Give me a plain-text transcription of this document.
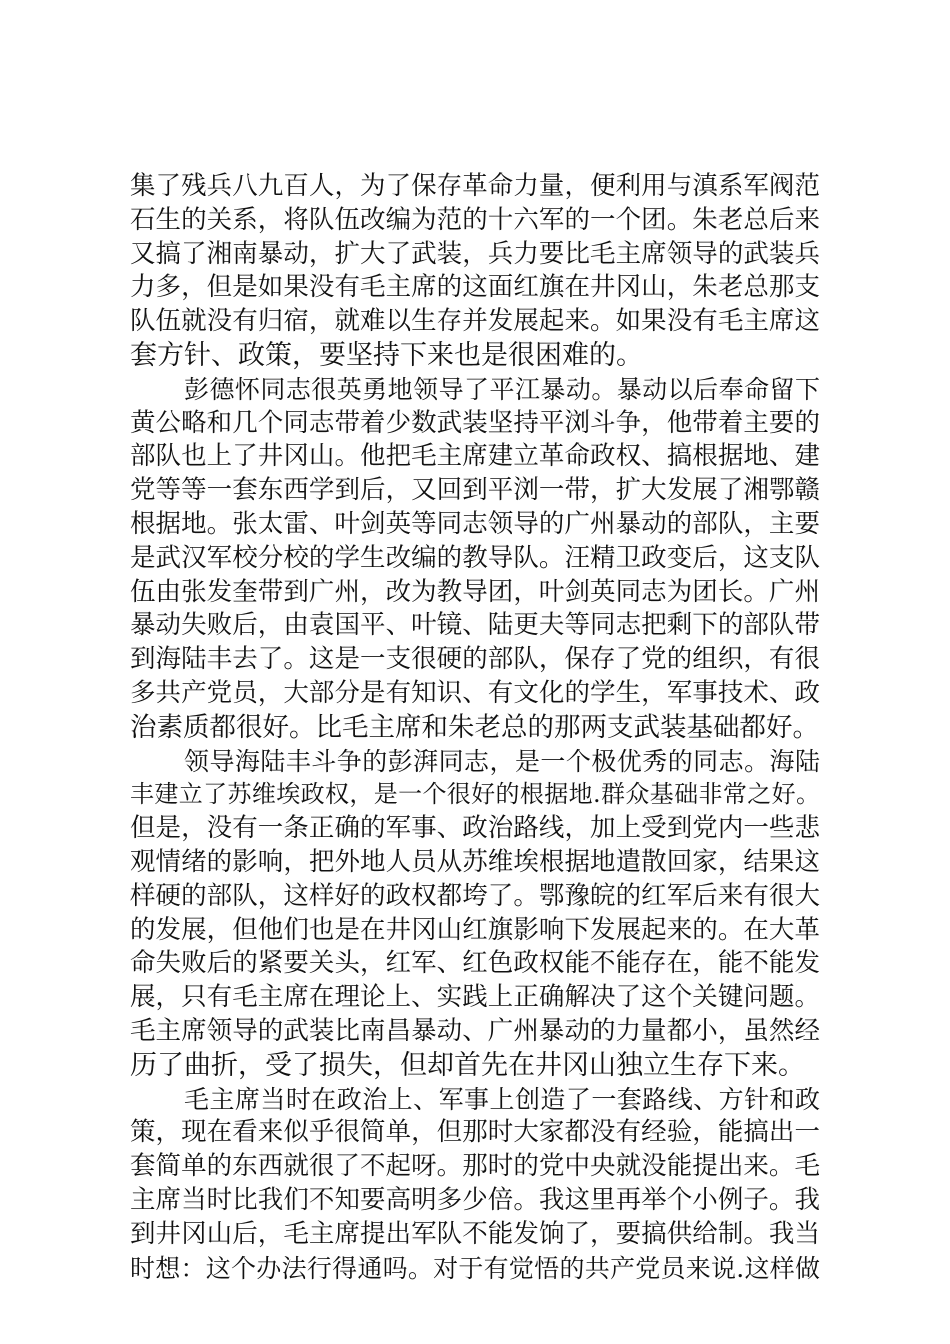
集了残兵八九百人，为了保存革命力量，便利用与滇系军阀范
石生的关系，将队伍改编为范的十六军的一个团。朱老总后来
又搞了湘南暴动，扩大了武装，兵力要比毛主席领导的武装兵
力多，但是如果没有毛主席的这面红旗在井冈山，朱老总那支
队伍就没有归宿，就难以生存并发展起来。如果没有毛主席这
套方针、政策，要坚持下来也是很困难的。
彭德怀同志很英勇地领导了平江暴动。暴动以后奉命留下
黄公略和几个同志带着少数武装坚持平浏斗争，他带着主要的
部队也上了井冈山。他把毛主席建立革命政权、搞根据地、建
党等等一套东西学到后，又回到平浏一带，扩大发展了湘鄂赣
根据地。张太雷、叶剑英等同志领导的广州暴动的部队，主要
是武汉军校分校的学生改编的教导队。汪精卫政变后，这支队
伍由张发奎带到广州，改为教导团，叶剑英同志为团长。广州
暴动失败后，由袁国平、叶镜、陆更夫等同志把剩下的部队带
到海陆丰去了。这是一支很硬的部队，保存了党的组织，有很
多共产党员，大部分是有知识、有文化的学生，军事技术、政
治素质都很好。比毛主席和朱老总的那两支武装基础都好。
领导海陆丰斗争的彭湃同志，是一个极优秀的同志。海陆
丰建立了苏维埃政权，是一个很好的根据地.群众基础非常之好。
但是，没有一条正确的军事、政治路线，加上受到党内一些悲
观情绪的影响，把外地人员从苏维埃根据地遣散回家，结果这
样硬的部队，这样好的政权都垮了。鄂豫皖的红军后来有很大
的发展，但他们也是在井冈山红旗影响下发展起来的。在大革
命失败后的紧要关头，红军、红色政权能不能存在，能不能发
展，只有毛主席在理论上、实践上正确解决了这个关键问题。
毛主席领导的武装比南昌暴动、广州暴动的力量都小，虽然经
历了曲折，受了损失，但却首先在井冈山独立生存下来。
毛主席当时在政治上、军事上创造了一套路线、方针和政
策，现在看来似乎很简单，但那时大家都没有经验，能搞出一
套简单的东西就很了不起呀。那时的党中央就没能提出来。毛
主席当时比我们不知要高明多少倍。我这里再举个小例子。我
到井冈山后，毛主席提出军队不能发饷了，要搞供给制。我当
时想：这个办法行得通吗。对于有觉悟的共产党员来说.这样做
